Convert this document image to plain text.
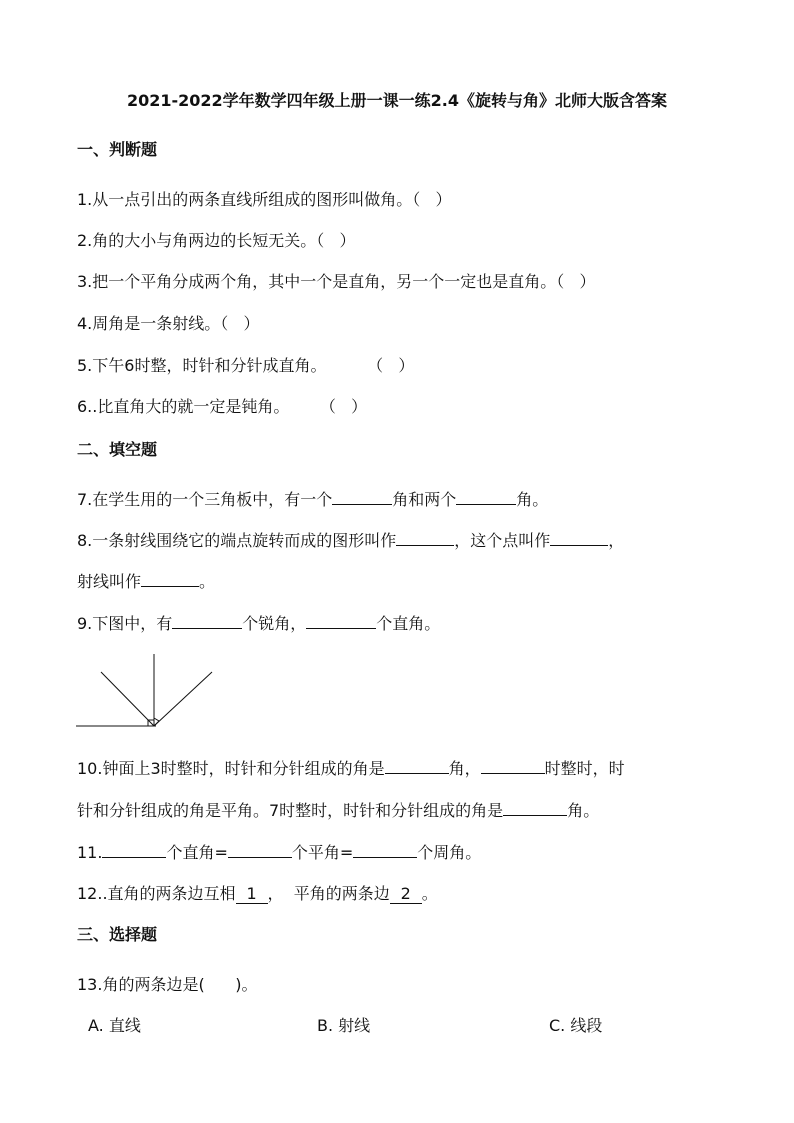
2021-2022学年数学四年级上册一课一练2.4《旋转与角》北师大版含答案
一、判断题
1.从一点引出的两条直线所组成的图形叫做角。（   ）
2.角的大小与角两边的长短无关。（   ）
3.把一个平角分成两个角，其中一个是直角，另一个一定也是直角。（   ）
4.周角是一条射线。（   ）
5.下午6时整，时针和分针成直角。        （   ）
6..比直角大的就一定是钝角。      （   ）
二、填空题
7.在学生用的一个三角板中，有一个	角和两个	角。
8.一条射线围绕它的端点旋转而成的图形叫作	，这个点叫作	，
射线叫作	。
9.下图中，有	个锐角，	个直角。
10.钟面上3时整时，时针和分针组成的角是	角，	时整时，时
针和分针组成的角是平角。7时整时，时针和分针组成的角是	角。
11.	个直角=	个平角=	个周角。
12..直角的两条边互相 1 ，  平角的两条边 2 。
三、选择题
13.角的两条边是(      )。
A. 直线	B. 射线	C. 线段
